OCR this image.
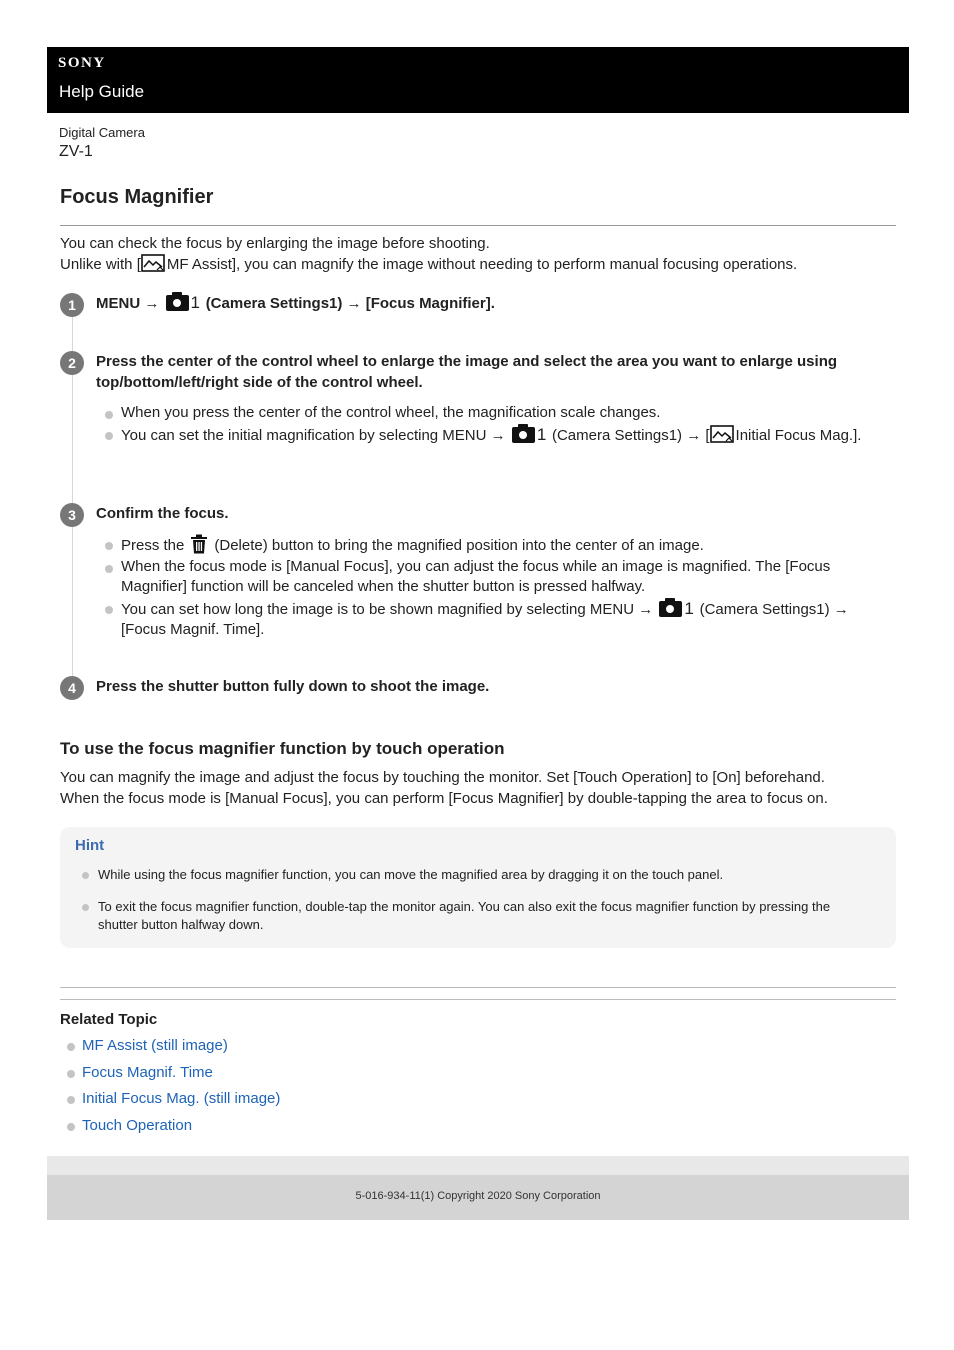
SONY
Help Guide
Digital Camera
ZV-1
Focus Magnifier

You can check the focus by enlarging the image before shooting.

Unlike with [ MF Assist], you can magnify the image without needing to perform manual focusing operations.

1	MENU → 1 (Camera Settings1) → [Focus Magnifier].
2	Press the center of the control wheel to enlarge the image and select the area you want to enlarge using top/bottom/left/right side of the control wheel.
When you press the center of the control wheel, the magnification scale changes.
You can set the initial magnification by selecting MENU → 1 (Camera Settings1) → [ Initial Focus Mag.].
3	Confirm the focus.
Press the (Delete) button to bring the magnified position into the center of an image.
When the focus mode is [Manual Focus], you can adjust the focus while an image is magnified. The [Focus Magnifier] function will be canceled when the shutter button is pressed halfway.
You can set how long the image is to be shown magnified by selecting MENU → 1 (Camera Settings1) → [Focus Magnif. Time].
4	Press the shutter button fully down to shoot the image.
To use the focus magnifier function by touch operation
You can magnify the image and adjust the focus by touching the monitor. Set [Touch Operation] to [On] beforehand.
When the focus mode is [Manual Focus], you can perform [Focus Magnifier] by double-tapping the area to focus on.
Hint
While using the focus magnifier function, you can move the magnified area by dragging it on the touch panel.
To exit the focus magnifier function, double-tap the monitor again. You can also exit the focus magnifier function by pressing the shutter button halfway down.
Related Topic
MF Assist (still image)
Focus Magnif. Time
Initial Focus Mag. (still image)
Touch Operation
5-016-934-11(1) Copyright 2020 Sony Corporation
